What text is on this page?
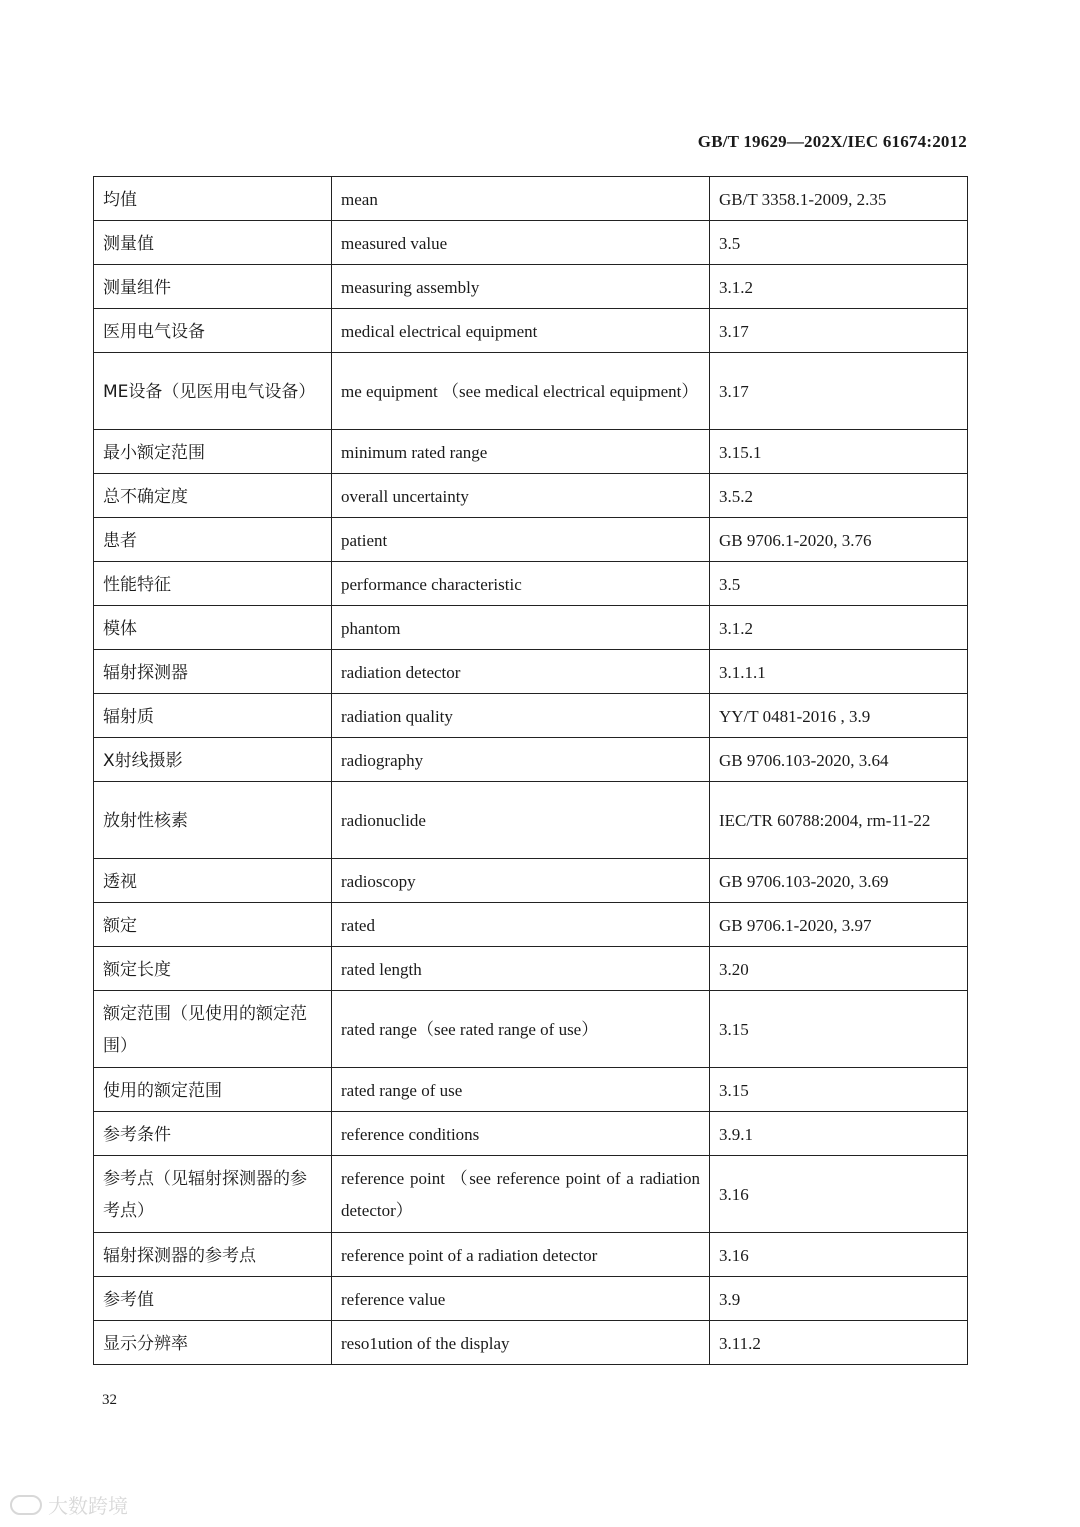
GB/T 19629—202X/IEC 61674:2012
均值	mean	GB/T 3358.1-2009, 2.35
测量值	measured value	3.5
测量组件	measuring assembly	3.1.2
医用电气设备	medical electrical equipment	3.17
ME设备（见医用电气设备）	me equipment （see medical electrical equipment）	3.17
最小额定范围	minimum rated range	3.15.1
总不确定度	overall uncertainty	3.5.2
患者	patient	GB 9706.1-2020, 3.76
性能特征	performance characteristic	3.5
模体	phantom	3.1.2
辐射探测器	radiation detector	3.1.1.1
辐射质	radiation quality	YY/T 0481-2016 , 3.9
X射线摄影	radiography	GB 9706.103-2020, 3.64
放射性核素	radionuclide	IEC/TR 60788:2004, rm-11-22
透视	radioscopy	GB 9706.103-2020, 3.69
额定	rated	GB 9706.1-2020, 3.97
额定长度	rated length	3.20
额定范围（见使用的额定范围）	rated range（see rated range of use）	3.15
使用的额定范围	rated range of use	3.15
参考条件	reference conditions	3.9.1
参考点（见辐射探测器的参考点）	reference point （see reference point of a radiation detector）	3.16
辐射探测器的参考点	reference point of a radiation detector	3.16
参考值	reference value	3.9
显示分辨率	reso1ution of the display	3.11.2
32
大数跨境
